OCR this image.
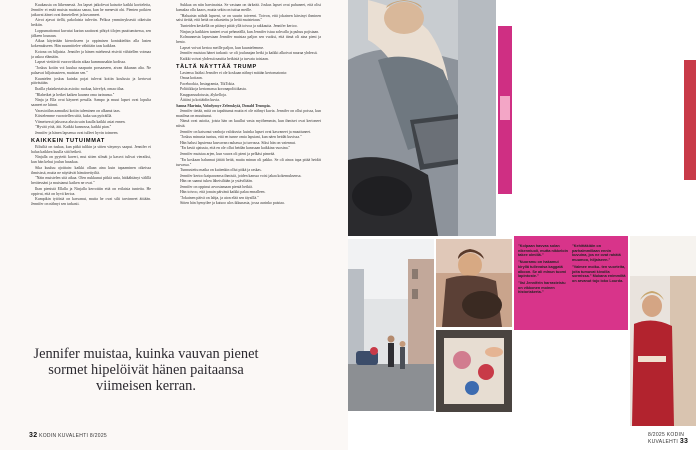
Kuukausia on liikennessä. Jos lapset jatkolevat katsotte kaikki kortteleita, Jennifer ei enää muista muistaa sanaa, kun he menevät ohi. Pienten poikien jatkuvat äänet ovat ihmetelleet ja kuvanneet.

Aivot ajavat tiellä, pakolaista tuleviin. Pelkoa ymmärryksestä oikeisiin hetkiin.

Loppumattomat kuvatut kartan saattavat pihtyä tilojen puuttumisessa, sen jälkeen lounaan.

Aikaa käytetään kierrokseen ja oppimisen kontakteihin alla lasten kokemukseen. Hän suunnittelee vähittäin taas kaikkea.

Kotona on hiljaista. Jennifer ja hänen miehensä etsivät vähitellen voimaa ja uskoa elämään.

Lapset viettävät vuoroviikoin aikaa kummassakin kodissa.

"Joskus kotiin voi kuulua naapurin porsaaseen, aivan ikkunan alta. Ne palaavat hiljaisuuteen, muistan sen."

Kuuntelen joskus kuinka pojat tulevat kotiin koulusta ja kertovat päivästään.

Ihailla yksinkertaisia asioita: ruokaa, kävelyä, omaa tilaa.

"Blahetket ja hetket kaiken kaunea oma tarinansa."

Ninja ja Ella ovat käyneet pesulla. Sampo ja muut lapset ovat lopulta saaneet ne kiinni.

Varastotilan aamuiksi kotiin tuleminen on alkanut taas.

Kiistelemme vuorotellen siitä, kuka saa pyöräillä.

Viimeisessä jaksossa alusta sain kuulla kaikki asiat ennen.

"Hyvää yötä, äiti. Kaikki kunnossa, kaikki pian."

Jennifer ja hänen lapsensa ovat tulleet hyvin toimeen.

KAIKKEIN TUTUIMMAT

Eilisiltä on tuskaa, kun pitkä tulikin ja sitten väsymys saapui. Jennifer ei halua kaikkea kuulla sitä hetkeä.

Ninjalla on pyytetit kaveri, mut sitten silmät ja kasvot tulivat vieraiksi, kun hän kehui joulun hauskaa.

Sika kuuluu ajoittain: kaikki ollaan aina kuin tapaaminen oikeissa ihmisissä, mutta ne näyttävät hämärrettyiltä.

"Näin muistelen sitä aikaa. Olen nukkunut pitkiä unia, hätkähtänyt välillä herätessäni ja muistanut kaiken ne ovat."

Ihan pienistä Ellalla ja Ninjalla kerrottiin että on erilaisia tunteita. He oppivat, että on hyvä kertoa.

Kumpikin tytöistä on kasvanut, mutta he ovat silti tarvinneet äitiään. Jennifer on nähnyt sen tarkasti.

Sukkaa on niin harvinaista. Se vastaan on tärkeää. Joskus lapset ovat puhuneet, että olisi kamalaa olla kaaos, mutta sekin on tuttua meille.

"Haluaisin nähdä lapseni, se on suurin toiveeni. Toivon, että jokainen kärsinyt ihminen saisi tietää, että heitä on rakastettu ja heitä muistetaan."

Tunteiden keskellä on pitänyt pitää yllä toivoa ja rakkautta. Jennifer kertoo.

Ninjan ja kaikkien tunteet ovat pehmeällä, kun Jennifer istuu sohvalla ja puhuu pojistaan.

Kolmannesta lapsestaan Jennifer muistaa paljon sen vuoksi, että tämä oli aina pieni ja hento.

Lapset voivat kertoa meille paljon, kun kuuntelemme.

Jennifer muistaa hänet tarkasti: se oli joulunajan hetki ja kaikki alkoivat nauraa yhdessä.

Kaikki voivat yhdessä nauttia hetkistä ja turvata toisiaan.

TÄLTÄ NÄYTTÄÄ TRUMP

Lastensa lisäksi Jennifer ei ole koskaan nähnyt mitään kertomatonta:

Omaa kotiaan.

Facebookia, Instagramia, TikTokia.

Poliitikkoja kertomassa koronapolitiikasta.

Kaupparuudotusta, älykelloja.

Äitiäni ja kotiäidin kuvia.

Sanna Marinia, Volodymyr Zelenskyiä, Donald Trumpia.

Jennifer tietää, mitä on tapahtunut mutta ei ole nähnyt kuvia. Jennifer on ollut poissa, kun maailma on muuttunut.

Nämä ovat asioita, joista hän on kuullut vasta myöhemmin, kun ihmiset ovat kertoneet niistä.

Jennifer on katsonut vanhoja valokuvia: kuinka lapset ovat kasvaneet ja muuttuneet.

"Joskus minusta tuntuu, että en tunne omia lapsiani, kun näen heidät kuvissa."

Hän halusi lapsiensa kasvavan rauhassa ja turvassa. Siksi hän on vaiennut.

"En kestä ajatusta, että en ole ollut heidän kanssaan kaikkina vuosina."

Jennifer muistaa arjen, kun vauva oli pieni ja pelkäsi pimeää.

"En koskaan halunnut jättää heitä, mutta minun oli pakko. Se oli ainoa tapa pitää heidät turvassa."

Tunnustettu matka on kuitenkin ollut pitkä ja raskas.

Jennifer kertoo kaipaavansa ihmisiä, joiden kanssa voisi jakaa kokemuksensa.

Hän on saanut tukea läheisiltään ja ystäviltään.

Jennifer on oppinut arvostamaan pieniä hetkiä.

Hän toivoo, että jonain päivänä kaikki palaa ennalleen.

"Jokainen päivä on lahja, ja aion elää sen täysillä."

Sitten hän hymyilee ja katsoo ulos ikkunasta, jossa aurinko paistaa.

Jennifer muistaa, kuinka vauvan pienet sormet hipelöivät hänen paitaansa viimeisen kerran.
32 KODIN KUVALEHTI 8/2025
"Kolpaan havvas solan nikenniuoli, mutta nikkeloin takee olmiilä."
"Nuoramu on hakamui kiryllä tullevaisa kaggatä alkoon. Se ali mlnun tuomi lapintoste."
"Iisi Jennifein harrasteistu on vikkonen moinen historiakerta."
"Kehittäkiäin on parhalmmillaan ennin kuvuina, jos ne ovat rahätä muumoo, hiljaiseen."
"Valmee moiku- ten vuorteita, joita tumuvat kivoilla sormissa." Mukana enimmiltä on arvanut tojo ioko Lourda.
8/2025 KODIN KUVALEHTI 33
